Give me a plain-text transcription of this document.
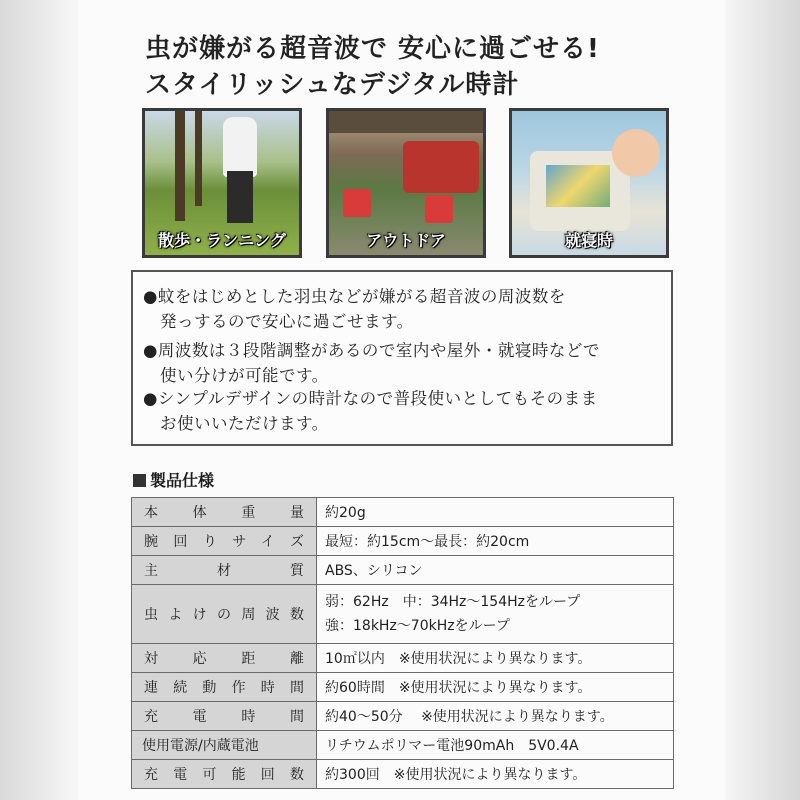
虫が嫌がる超音波で 安心に過ごせる!
スタイリッシュなデジタル時計
散歩・ランニング	アウトドア	就寝時
●蚊をはじめとした羽虫などが嫌がる超音波の周波数を
　発っするので安心に過ごせます。
●周波数は３段階調整があるので室内や屋外・就寝時などで
　使い分けが可能です。
●シンプルデザインの時計なので普段使いとしてもそのまま
　お使いいただけます。
製品仕様
本体重量	約20g
腕回りサイズ	最短：約15cm〜最長：約20cm
主材質	ABS、シリコン
虫よけの周波数	弱：62Hz　中：34Hz〜154Hzをループ
強：18kHz〜70kHzをループ

対応距離	10㎡以内　※使用状況により異なります。
連続動作時間	約60時間　※使用状況により異なります。
充電時間	約40〜50分　 ※使用状況により異なります。
使用電源/内蔵電池	リチウムポリマー電池90mAh　5V0.4A
充電可能回数	約300回　※使用状況により異なります。
